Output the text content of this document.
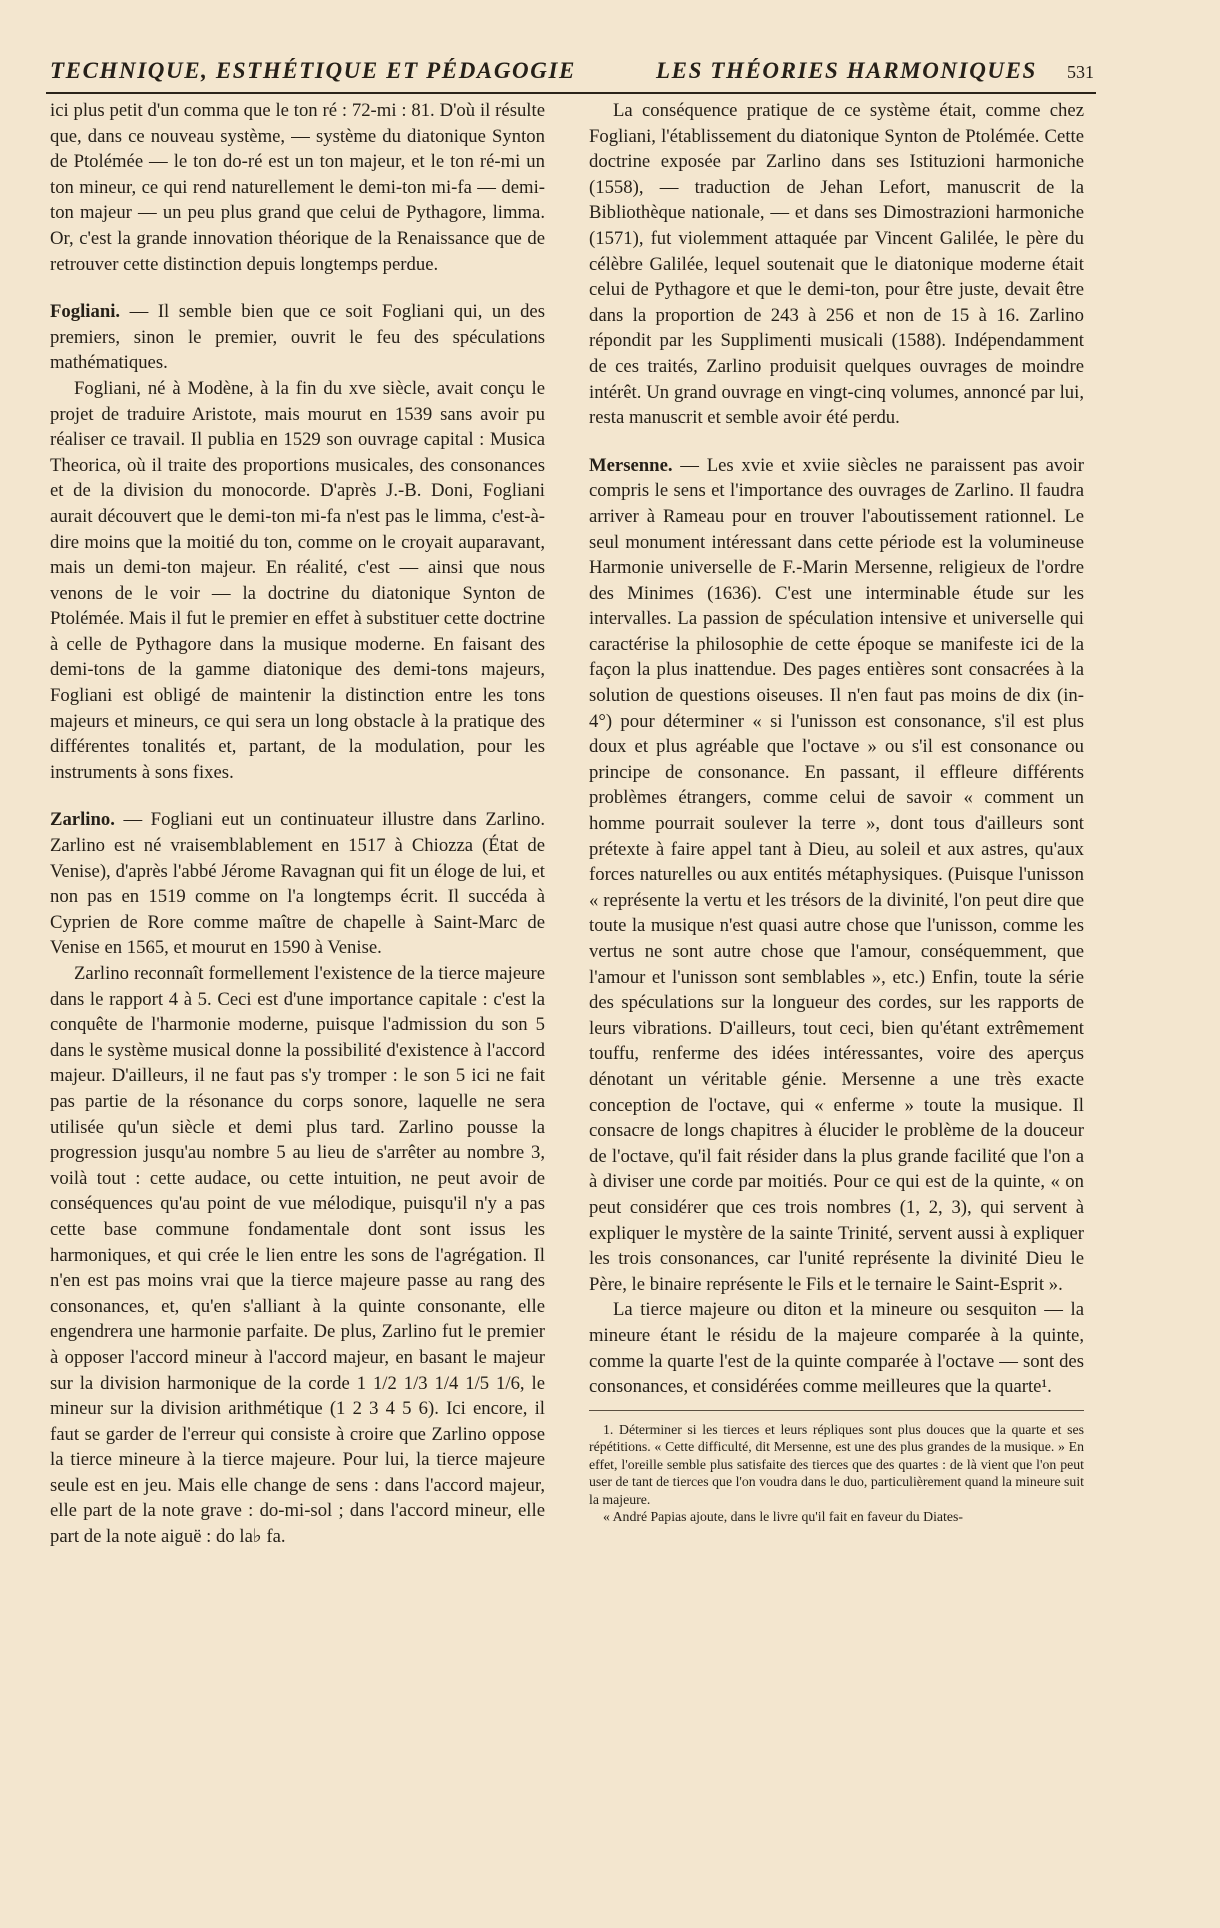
TECHNIQUE, ESTHÉTIQUE ET PÉDAGOGIE	LES THÉORIES HARMONIQUES 531

ici plus petit d'un comma que le ton ré : 72-mi : 81. D'où il résulte que, dans ce nouveau système, — système du diatonique Synton de Ptolémée — le ton do-ré est un ton majeur, et le ton ré-mi un ton mineur, ce qui rend naturellement le demi-ton mi-fa — demi-ton majeur — un peu plus grand que celui de Pythagore, limma. Or, c'est la grande innovation théorique de la Renaissance que de retrouver cette distinction depuis longtemps perdue.

Fogliani. — Il semble bien que ce soit Fogliani qui, un des premiers, sinon le premier, ouvrit le feu des spéculations mathématiques.

Fogliani, né à Modène, à la fin du xve siècle, avait conçu le projet de traduire Aristote, mais mourut en 1539 sans avoir pu réaliser ce travail. Il publia en 1529 son ouvrage capital : Musica Theorica, où il traite des proportions musicales, des consonances et de la division du monocorde. D'après J.-B. Doni, Fogliani aurait découvert que le demi-ton mi-fa n'est pas le limma, c'est-à-dire moins que la moitié du ton, comme on le croyait auparavant, mais un demi-ton majeur. En réalité, c'est — ainsi que nous venons de le voir — la doctrine du diatonique Synton de Ptolémée. Mais il fut le premier en effet à substituer cette doctrine à celle de Pythagore dans la musique moderne. En faisant des demi-tons de la gamme diatonique des demi-tons majeurs, Fogliani est obligé de maintenir la distinction entre les tons majeurs et mineurs, ce qui sera un long obstacle à la pratique des différentes tonalités et, partant, de la modulation, pour les instruments à sons fixes.

Zarlino. — Fogliani eut un continuateur illustre dans Zarlino. Zarlino est né vraisemblablement en 1517 à Chiozza (État de Venise), d'après l'abbé Jérome Ravagnan qui fit un éloge de lui, et non pas en 1519 comme on l'a longtemps écrit. Il succéda à Cyprien de Rore comme maître de chapelle à Saint-Marc de Venise en 1565, et mourut en 1590 à Venise.

Zarlino reconnaît formellement l'existence de la tierce majeure dans le rapport 4 à 5. Ceci est d'une importance capitale : c'est la conquête de l'harmonie moderne, puisque l'admission du son 5 dans le système musical donne la possibilité d'existence à l'accord majeur. D'ailleurs, il ne faut pas s'y tromper : le son 5 ici ne fait pas partie de la résonance du corps sonore, laquelle ne sera utilisée qu'un siècle et demi plus tard. Zarlino pousse la progression jusqu'au nombre 5 au lieu de s'arrêter au nombre 3, voilà tout : cette audace, ou cette intuition, ne peut avoir de conséquences qu'au point de vue mélodique, puisqu'il n'y a pas cette base commune fondamentale dont sont issus les harmoniques, et qui crée le lien entre les sons de l'agrégation. Il n'en est pas moins vrai que la tierce majeure passe au rang des consonances, et, qu'en s'alliant à la quinte consonante, elle engendrera une harmonie parfaite. De plus, Zarlino fut le premier à opposer l'accord mineur à l'accord majeur, en basant le majeur sur la division harmonique de la corde 1 1/2 1/3 1/4 1/5 1/6, le mineur sur la division arithmétique (1 2 3 4 5 6). Ici encore, il faut se garder de l'erreur qui consiste à croire que Zarlino oppose la tierce mineure à la tierce majeure. Pour lui, la tierce majeure seule est en jeu. Mais elle change de sens : dans l'accord majeur, elle part de la note grave : do-mi-sol ; dans l'accord mineur, elle part de la note aiguë : do la♭ fa.

La conséquence pratique de ce système était, comme chez Fogliani, l'établissement du diatonique Synton de Ptolémée. Cette doctrine exposée par Zarlino dans ses Istituzioni harmoniche (1558), — traduction de Jehan Lefort, manuscrit de la Bibliothèque nationale, — et dans ses Dimostrazioni harmoniche (1571), fut violemment attaquée par Vincent Galilée, le père du célèbre Galilée, lequel soutenait que le diatonique moderne était celui de Pythagore et que le demi-ton, pour être juste, devait être dans la proportion de 243 à 256 et non de 15 à 16. Zarlino répondit par les Supplimenti musicali (1588). Indépendamment de ces traités, Zarlino produisit quelques ouvrages de moindre intérêt. Un grand ouvrage en vingt-cinq volumes, annoncé par lui, resta manuscrit et semble avoir été perdu.

Mersenne. — Les xvie et xviie siècles ne paraissent pas avoir compris le sens et l'importance des ouvrages de Zarlino. Il faudra arriver à Rameau pour en trouver l'aboutissement rationnel. Le seul monument intéressant dans cette période est la volumineuse Harmonie universelle de F.-Marin Mersenne, religieux de l'ordre des Minimes (1636). C'est une interminable étude sur les intervalles. La passion de spéculation intensive et universelle qui caractérise la philosophie de cette époque se manifeste ici de la façon la plus inattendue. Des pages entières sont consacrées à la solution de questions oiseuses. Il n'en faut pas moins de dix (in-4°) pour déterminer « si l'unisson est consonance, s'il est plus doux et plus agréable que l'octave » ou s'il est consonance ou principe de consonance. En passant, il effleure différents problèmes étrangers, comme celui de savoir « comment un homme pourrait soulever la terre », dont tous d'ailleurs sont prétexte à faire appel tant à Dieu, au soleil et aux astres, qu'aux forces naturelles ou aux entités métaphysiques. (Puisque l'unisson « représente la vertu et les trésors de la divinité, l'on peut dire que toute la musique n'est quasi autre chose que l'unisson, comme les vertus ne sont autre chose que l'amour, conséquemment, que l'amour et l'unisson sont semblables », etc.) Enfin, toute la série des spéculations sur la longueur des cordes, sur les rapports de leurs vibrations. D'ailleurs, tout ceci, bien qu'étant extrêmement touffu, renferme des idées intéressantes, voire des aperçus dénotant un véritable génie. Mersenne a une très exacte conception de l'octave, qui « enferme » toute la musique. Il consacre de longs chapitres à élucider le problème de la douceur de l'octave, qu'il fait résider dans la plus grande facilité que l'on a à diviser une corde par moitiés. Pour ce qui est de la quinte, « on peut considérer que ces trois nombres (1, 2, 3), qui servent à expliquer le mystère de la sainte Trinité, servent aussi à expliquer les trois consonances, car l'unité représente la divinité Dieu le Père, le binaire représente le Fils et le ternaire le Saint-Esprit ».

La tierce majeure ou diton et la mineure ou sesquiton — la mineure étant le résidu de la majeure comparée à la quinte, comme la quarte l'est de la quinte comparée à l'octave — sont des consonances, et considérées comme meilleures que la quarte¹.

1. Déterminer si les tierces et leurs répliques sont plus douces que la quarte et ses répétitions. « Cette difficulté, dit Mersenne, est une des plus grandes de la musique. » En effet, l'oreille semble plus satisfaite des tierces que des quartes : de là vient que l'on peut user de tant de tierces que l'on voudra dans le duo, particulièrement quand la mineure suit la majeure.

« André Papias ajoute, dans le livre qu'il fait en faveur du Diates-
